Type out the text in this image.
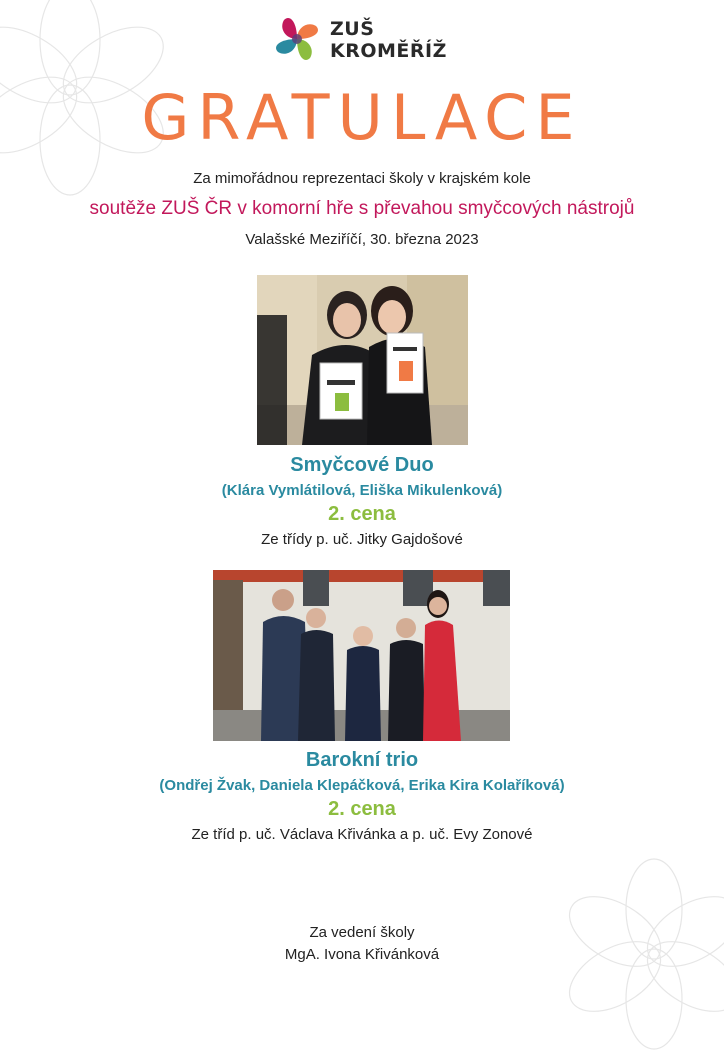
ZUŠ
KROMĚŘÍŽ
GRATULACE
Za mimořádnou reprezentaci školy v krajském kole
soutěže ZUŠ ČR v komorní hře s převahou smyčcových nástrojů
Valašské Meziříčí, 30. března 2023
Smyčcové Duo
(Klára Vymlátilová, Eliška Mikulenková)
2. cena
Ze třídy p. uč. Jitky Gajdošové
Barokní trio
(Ondřej Žvak, Daniela Klepáčková, Erika Kira Kolaříková)
2. cena
Ze tříd p. uč. Václava Křivánka a p. uč. Evy Zonové
Za vedení školy
MgA. Ivona Křivánková
